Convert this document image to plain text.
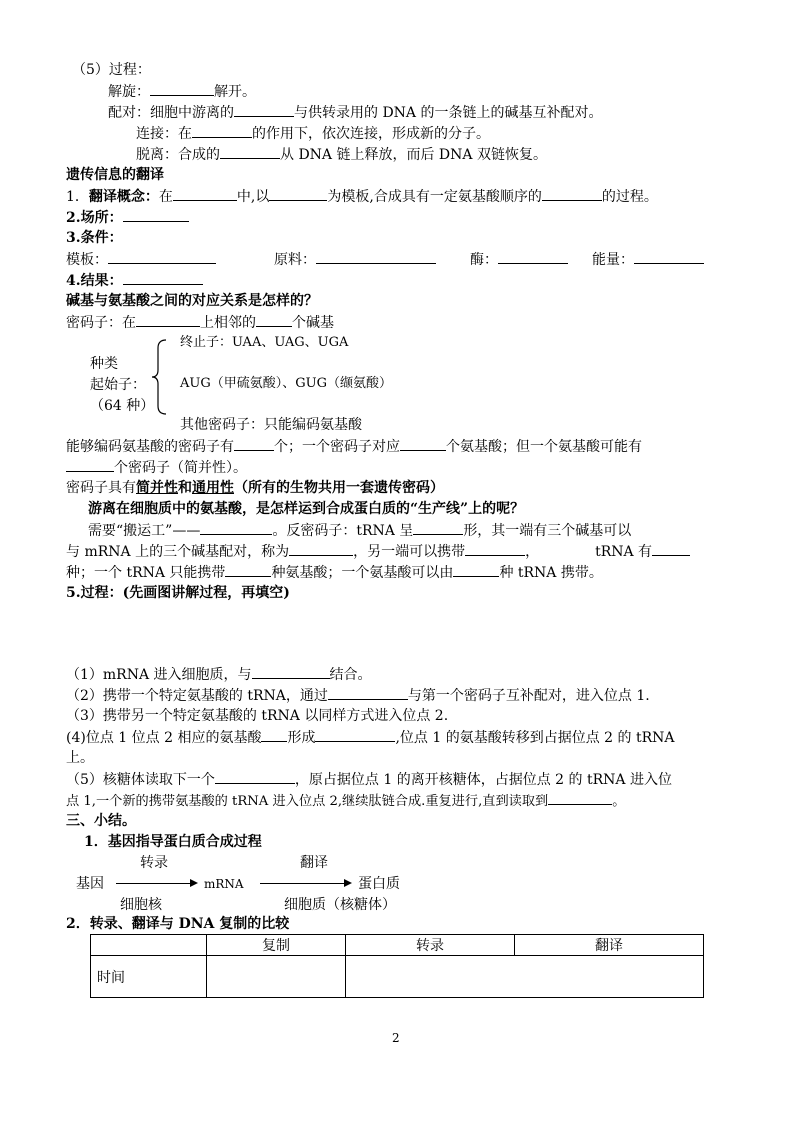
（5）过程：
解旋：	解开。
配对：细胞中游离的	与供转录用的 DNA 的一条链上的碱基互补配对。
连接：在	的作用下，依次连接，形成新的分子。
脱离：合成的	从 DNA 链上释放，而后 DNA 双链恢复。
遗传信息的翻译
1．翻译概念：在	中,以	为模板,合成具有一定氨基酸顺序的	的过程。
2.场所：
3.条件：
模板：	原料：	酶：	能量：
4.结果：
碱基与氨基酸之间的对应关系是怎样的？
密码子：在	上相邻的	个碱基
终止子：UAA、UAG、UGA
种类
起始子：	AUG（甲硫氨酸）、GUG（缬氨酸）
（64 种）
其他密码子：只能编码氨基酸
能够编码氨基酸的密码子有	个；一个密码子对应	个氨基酸；但一个氨基酸可能有
个密码子（简并性）。
密码子具有简并性和通用性（所有的生物共用一套遗传密码）
游离在细胞质中的氨基酸，是怎样运到合成蛋白质的“生产线”上的呢？
需要“搬运工”——	。反密码子：tRNA 呈	形，其一端有三个碱基可以
与 mRNA 上的三个碱基配对，称为	，另一端可以携带	，	tRNA 有
种；一个 tRNA 只能携带	种氨基酸；一个氨基酸可以由	种 tRNA 携带。
5.过程：(先画图讲解过程，再填空)
（1）mRNA 进入细胞质，与	结合。
（2）携带一个特定氨基酸的 tRNA，通过	与第一个密码子互补配对，进入位点 1.
（3）携带另一个特定氨基酸的 tRNA 以同样方式进入位点 2.
(4)位点 1 位点 2 相应的氨基酸 形成	,位点 1 的氨基酸转移到占据位点 2 的 tRNA
上。
（5）核糖体读取下一个	，原占据位点 1 的离开核糖体，占据位点 2 的 tRNA 进入位
点 1,一个新的携带氨基酸的 tRNA 进入位点 2,继续肽链合成.重复进行,直到读取到	。
三、小结。
1．基因指导蛋白质合成过程
转录	翻译
基因	mRNA	蛋白质
细胞核	细胞质（核糖体）
2．转录、翻译与 DNA 复制的比较
	复制	转录	翻译
时间			
2
